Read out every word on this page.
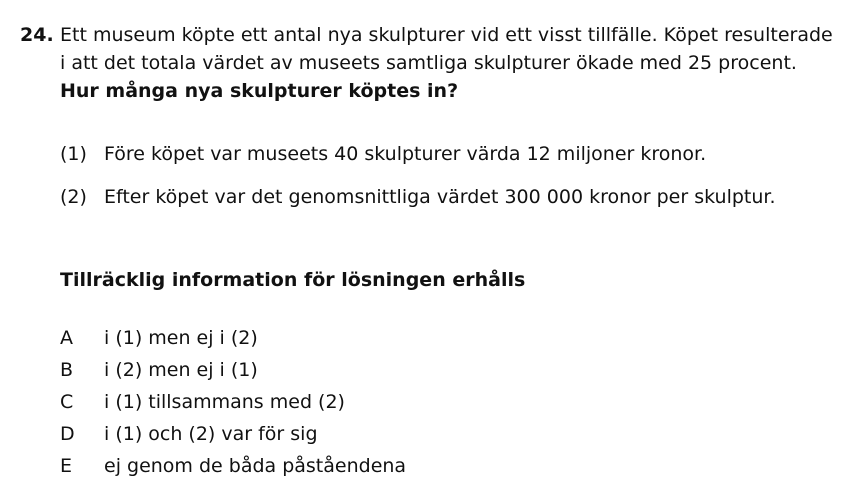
24. Ett museum köpte ett antal nya skulpturer vid ett visst tillfälle. Köpet resulterade i att det totala värdet av museets samtliga skulpturer ökade med 25 procent. Hur många nya skulpturer köptes in?
(1) Före köpet var museets 40 skulpturer värda 12 miljoner kronor.
(2) Efter köpet var det genomsnittliga värdet 300 000 kronor per skulptur.
Tillräcklig information för lösningen erhålls
A i (1) men ej i (2)
B i (2) men ej i (1)
C i (1) tillsammans med (2)
D i (1) och (2) var för sig
E ej genom de båda påståendena
